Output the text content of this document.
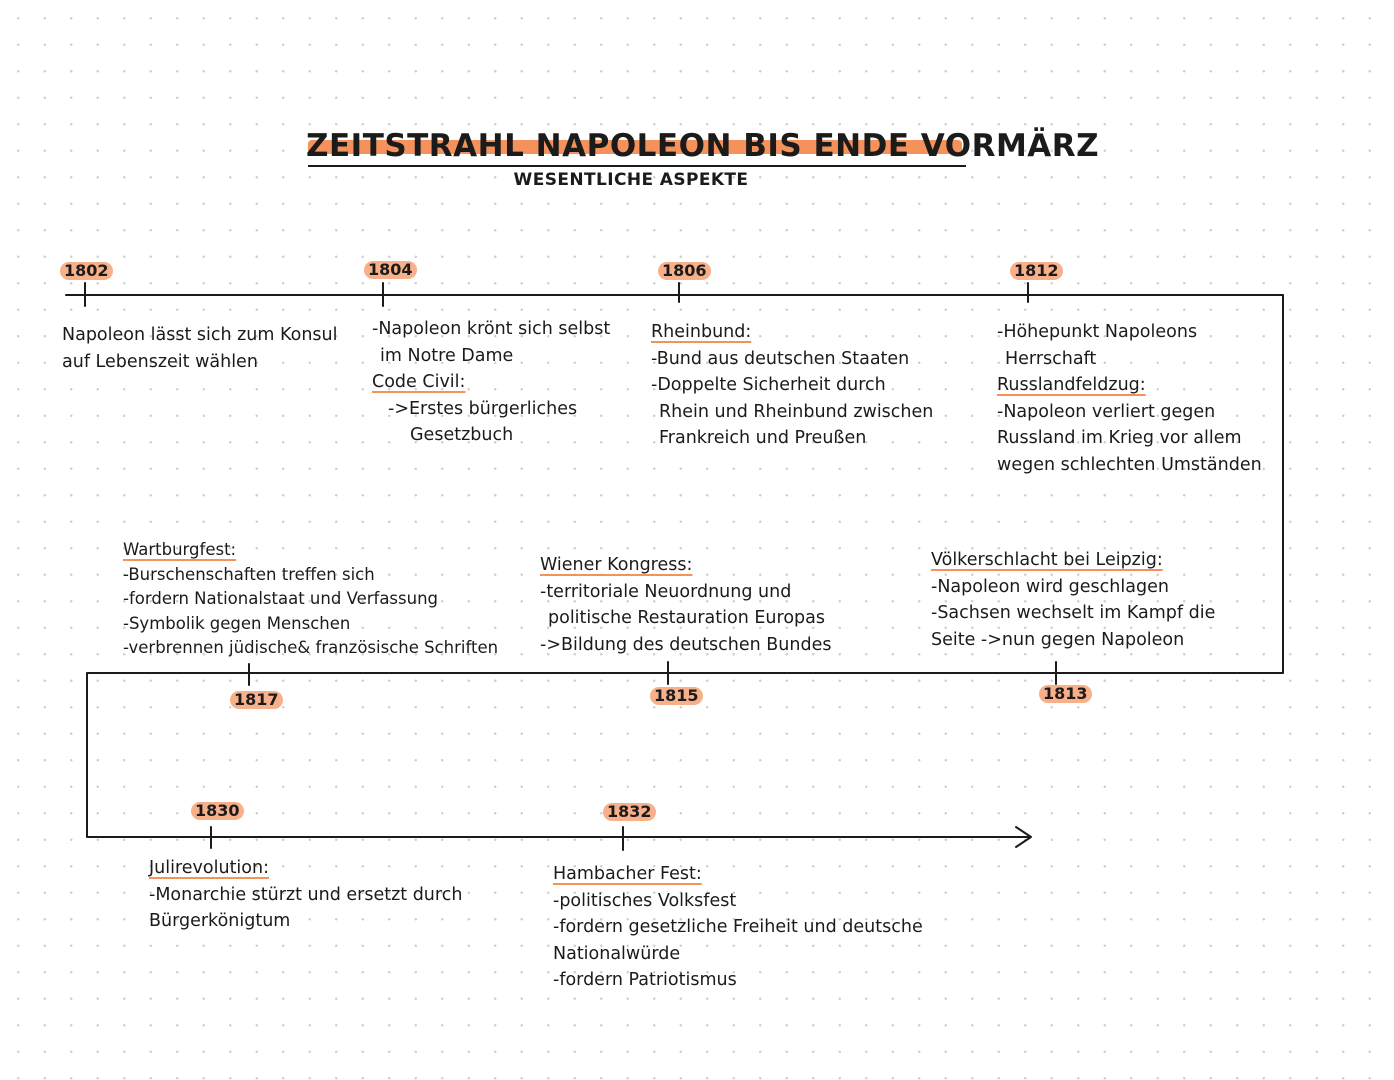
ZEITSTRAHL NAPOLEON BIS ENDE VORMÄRZ
WESENTLICHE ASPEKTE
1802	1804	1806	1812
1817	1815	1813
1830	1832
Napoleon lässt sich zum Konsul
auf Lebenszeit wählen
-Napoleon krönt sich selbst
im Notre Dame
Code Civil:
->Erstes bürgerliches
Gesetzbuch
Rheinbund:
-Bund aus deutschen Staaten
-Doppelte Sicherheit durch
Rhein und Rheinbund zwischen
Frankreich und Preußen
-Höhepunkt Napoleons
Herrschaft
Russlandfeldzug:
-Napoleon verliert gegen
Russland im Krieg vor allem
wegen schlechten Umständen
Wartburgfest:
-Burschenschaften treffen sich
-fordern Nationalstaat und Verfassung
-Symbolik gegen Menschen
-verbrennen jüdische& französische Schriften
Wiener Kongress:
-territoriale Neuordnung und
politische Restauration Europas
->Bildung des deutschen Bundes
Völkerschlacht bei Leipzig:
-Napoleon wird geschlagen
-Sachsen wechselt im Kampf die
Seite ->nun gegen Napoleon
Julirevolution:
-Monarchie stürzt und ersetzt durch
Bürgerkönigtum
Hambacher Fest:
-politisches Volksfest
-fordern gesetzliche Freiheit und deutsche
Nationalwürde
-fordern Patriotismus
